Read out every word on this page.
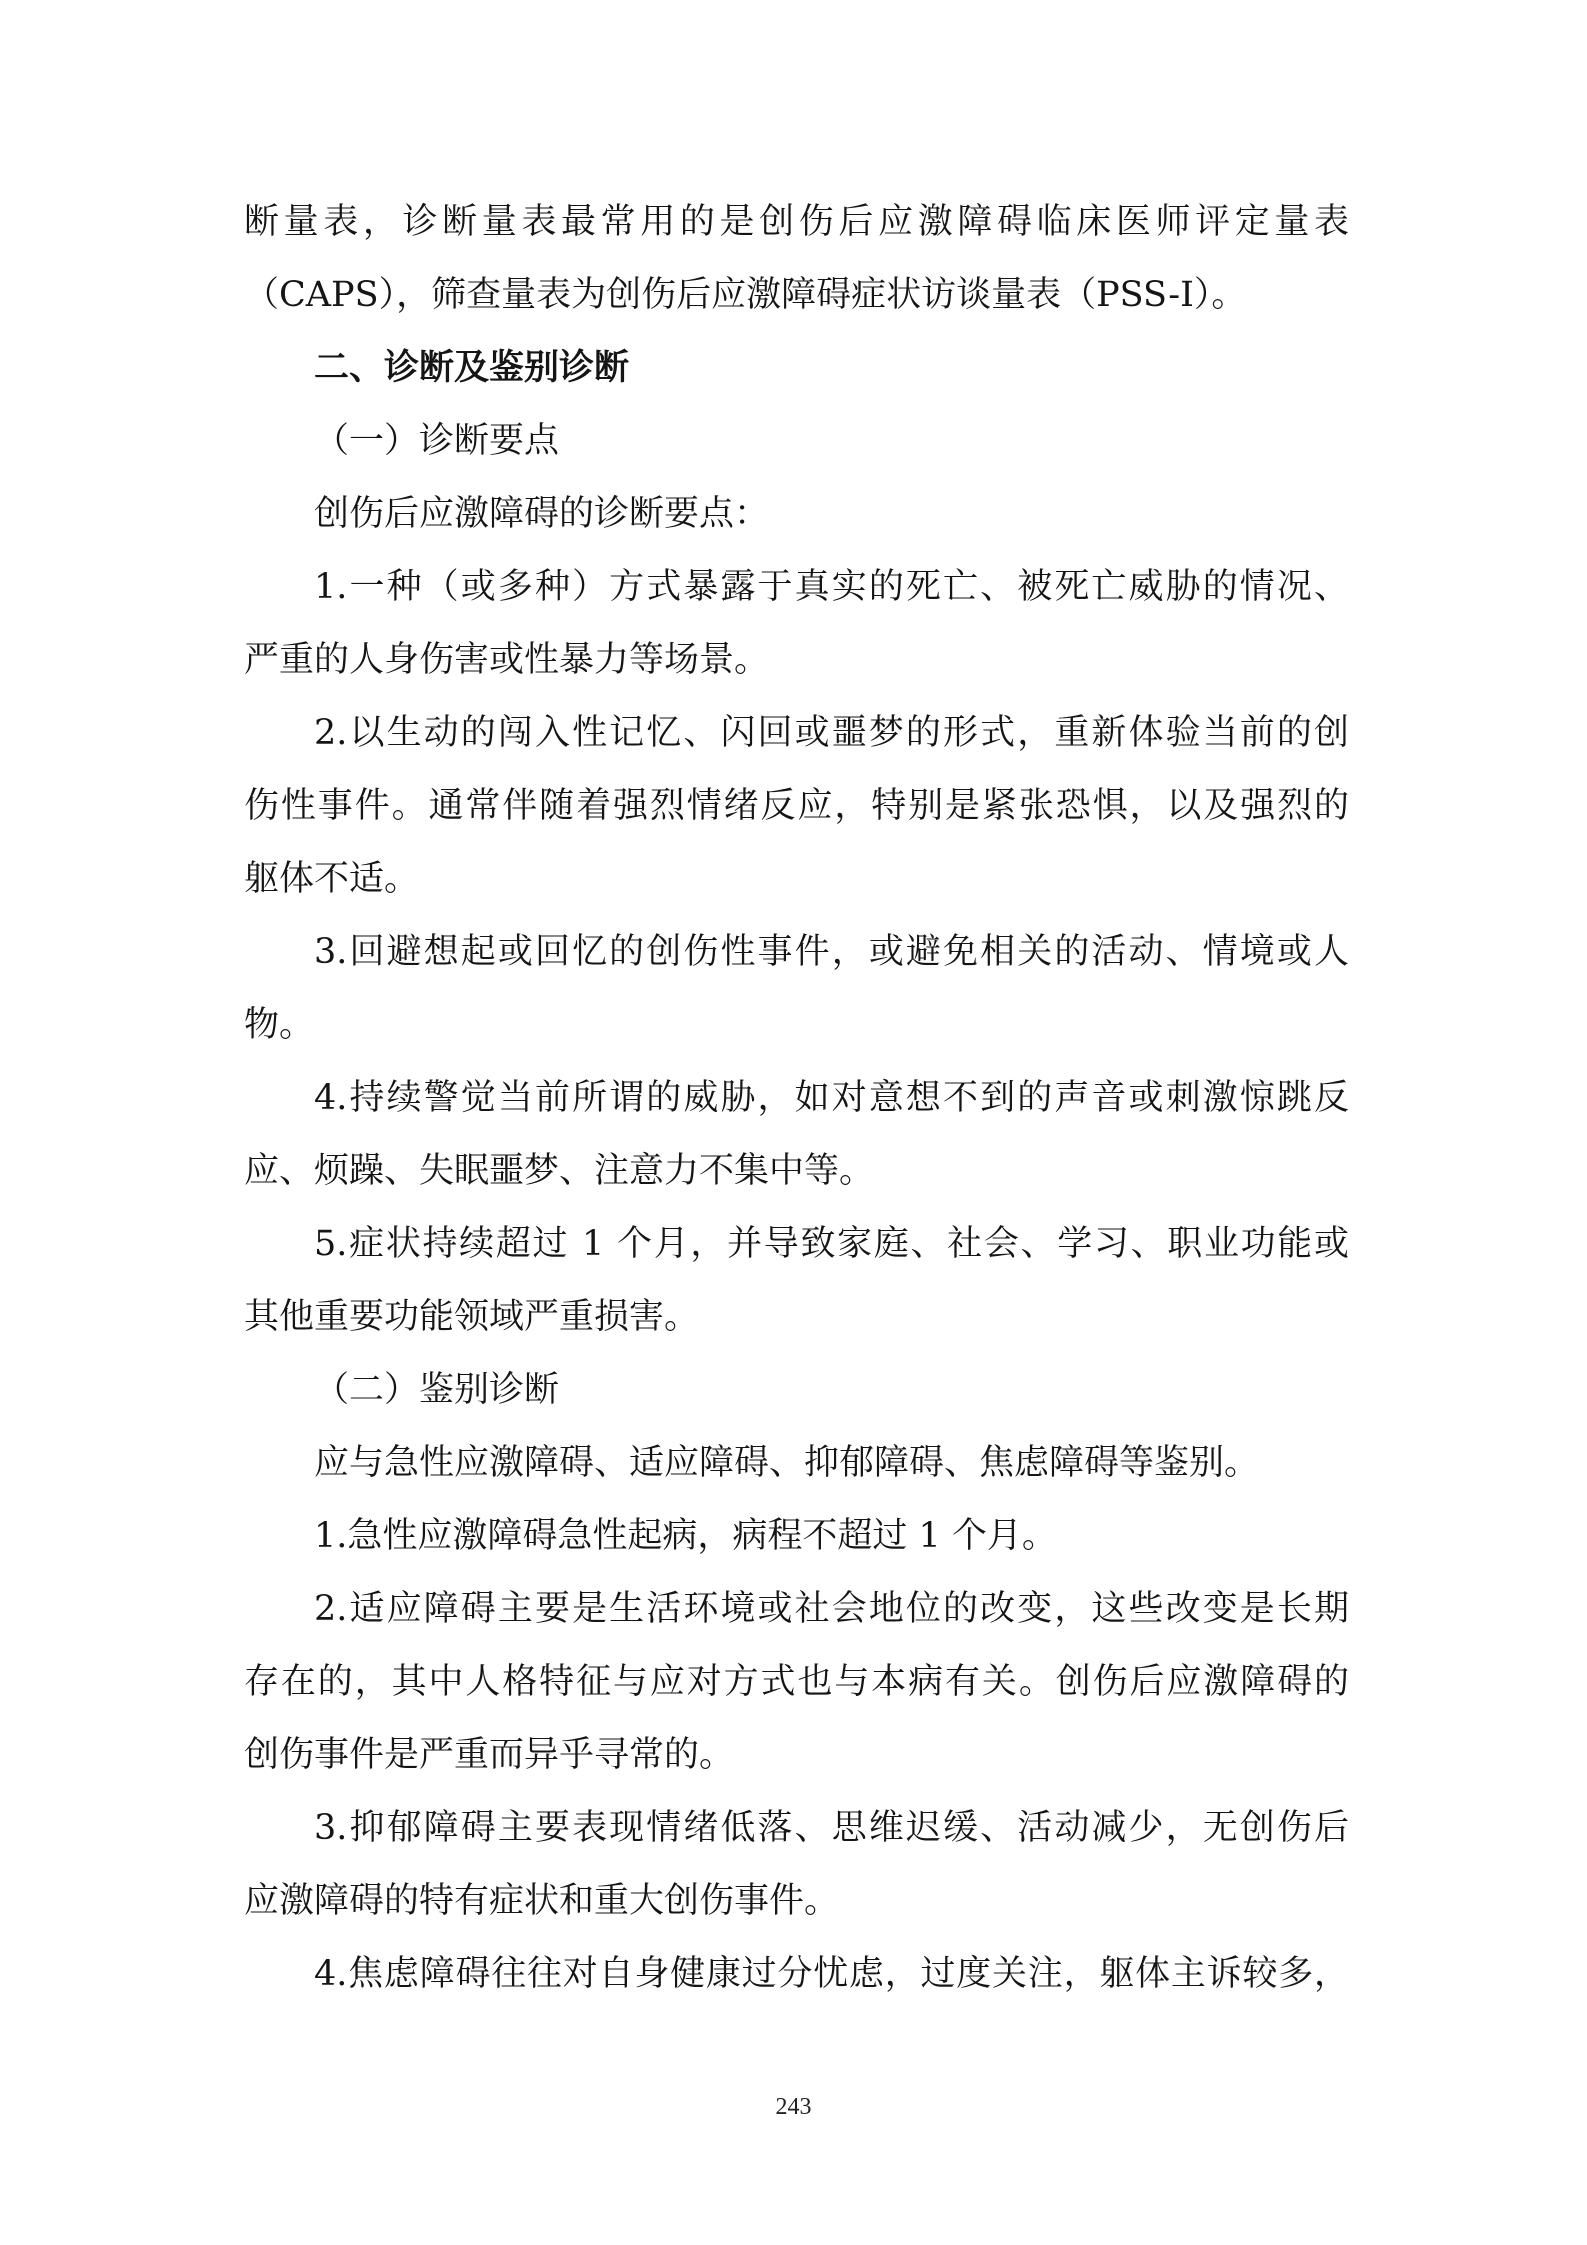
断量表，诊断量表最常用的是创伤后应激障碍临床医师评定量表
（CAPS），筛查量表为创伤后应激障碍症状访谈量表（PSS-I）。
二、诊断及鉴别诊断
（一）诊断要点
创伤后应激障碍的诊断要点：
1.一种（或多种）方式暴露于真实的死亡、被死亡威胁的情况、
严重的人身伤害或性暴力等场景。
2.以生动的闯入性记忆、闪回或噩梦的形式，重新体验当前的创
伤性事件。通常伴随着强烈情绪反应，特别是紧张恐惧，以及强烈的
躯体不适。
3.回避想起或回忆的创伤性事件，或避免相关的活动、情境或人
物。
4.持续警觉当前所谓的威胁，如对意想不到的声音或刺激惊跳反
应、烦躁、失眠噩梦、注意力不集中等。
5.症状持续超过 1 个月，并导致家庭、社会、学习、职业功能或
其他重要功能领域严重损害。
（二）鉴别诊断
应与急性应激障碍、适应障碍、抑郁障碍、焦虑障碍等鉴别。
1.急性应激障碍急性起病，病程不超过 1 个月。
2.适应障碍主要是生活环境或社会地位的改变，这些改变是长期
存在的，其中人格特征与应对方式也与本病有关。创伤后应激障碍的
创伤事件是严重而异乎寻常的。
3.抑郁障碍主要表现情绪低落、思维迟缓、活动减少，无创伤后
应激障碍的特有症状和重大创伤事件。
4.焦虑障碍往往对自身健康过分忧虑，过度关注，躯体主诉较多，
243
